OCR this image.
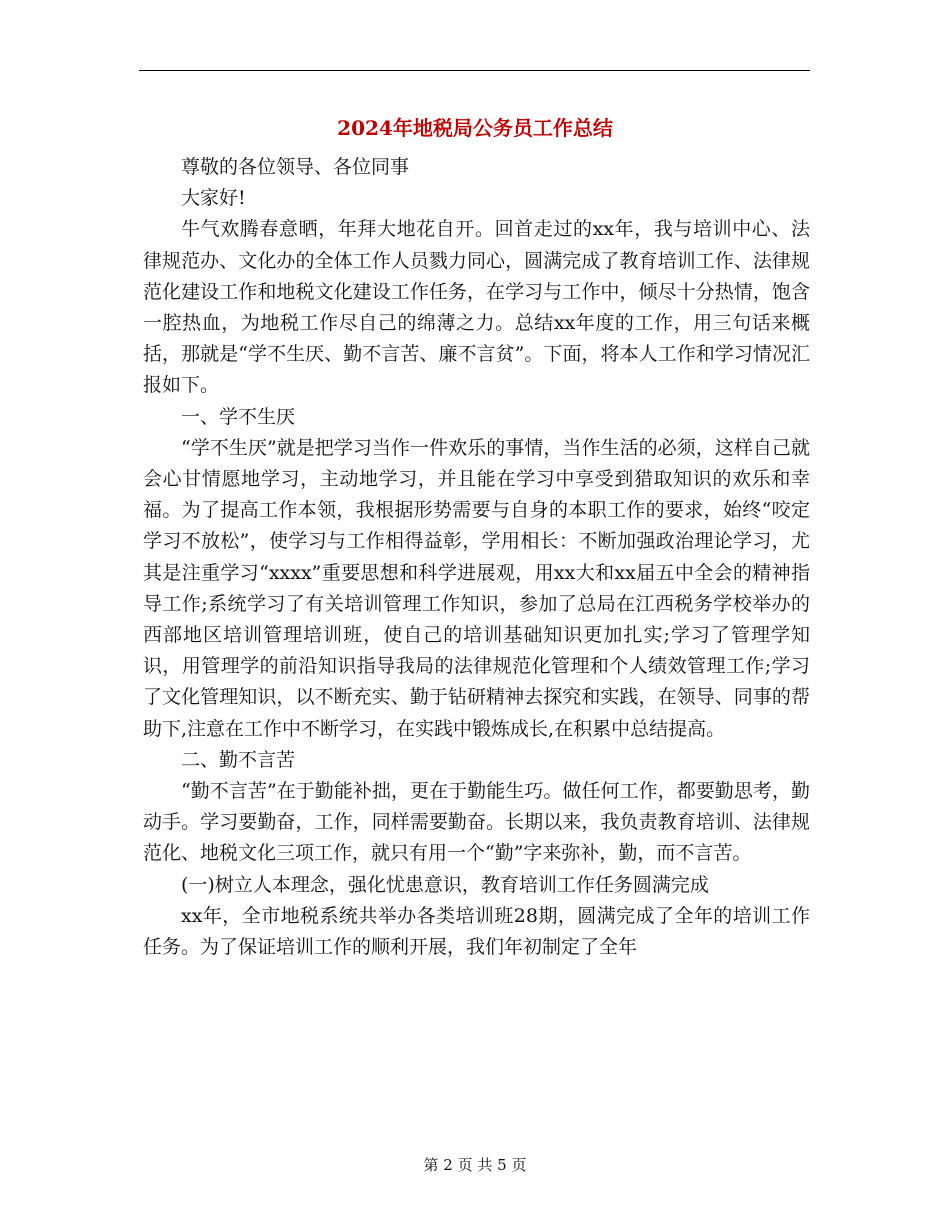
2024年地税局公务员工作总结

尊敬的各位领导、各位同事

大家好!

牛气欢腾春意晒，年拜大地花自开。回首走过的xx年，我与培训中心、法律规范办、文化办的全体工作人员戮力同心，圆满完成了教育培训工作、法律规范化建设工作和地税文化建设工作任务，在学习与工作中，倾尽十分热情，饱含一腔热血，为地税工作尽自己的绵薄之力。总结xx年度的工作，用三句话来概括，那就是“学不生厌、勤不言苦、廉不言贫”。下面，将本人工作和学习情况汇报如下。

一、学不生厌

“学不生厌”就是把学习当作一件欢乐的事情，当作生活的必须，这样自己就会心甘情愿地学习，主动地学习，并且能在学习中享受到猎取知识的欢乐和幸福。为了提高工作本领，我根据形势需要与自身的本职工作的要求，始终“咬定学习不放松”，使学习与工作相得益彰，学用相长：不断加强政治理论学习，尤其是注重学习“xxxx”重要思想和科学进展观，用xx大和xx届五中全会的精神指导工作;系统学习了有关培训管理工作知识，参加了总局在江西税务学校举办的西部地区培训管理培训班，使自己的培训基础知识更加扎实;学习了管理学知识，用管理学的前沿知识指导我局的法律规范化管理和个人绩效管理工作;学习了文化管理知识，以不断充实、勤于钻研精神去探究和实践，在领导、同事的帮助下,注意在工作中不断学习，在实践中锻炼成长,在积累中总结提高。

二、勤不言苦

“勤不言苦”在于勤能补拙，更在于勤能生巧。做任何工作，都要勤思考，勤动手。学习要勤奋，工作，同样需要勤奋。长期以来，我负责教育培训、法律规范化、地税文化三项工作，就只有用一个“勤”字来弥补，勤，而不言苦。

(一)树立人本理念，强化忧患意识，教育培训工作任务圆满完成

xx年，全市地税系统共举办各类培训班28期，圆满完成了全年的培训工作任务。为了保证培训工作的顺利开展，我们年初制定了全年

第 2 页 共 5 页
